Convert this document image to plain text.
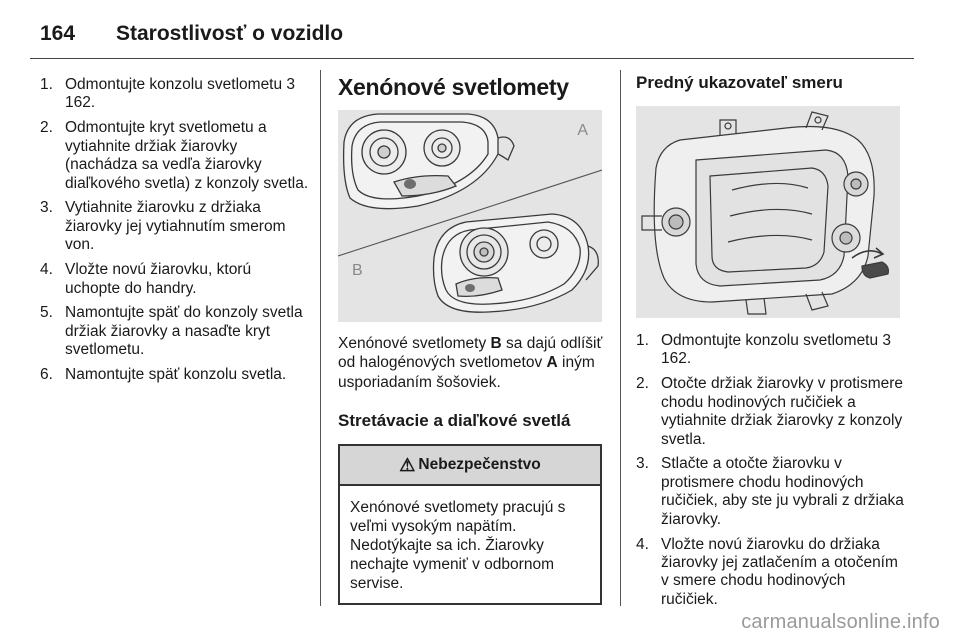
164	Starostlivosť o vozidlo
1. Odmontujte konzolu svetlometu 3 162.
2. Odmontujte kryt svetlometu a vytiahnite držiak žiarovky (nachádza sa vedľa žiarovky diaľkového svetla) z konzoly svetla.
3. Vytiahnite žiarovku z držiaka žiarovky jej vytiahnutím smerom von.
4. Vložte novú žiarovku, ktorú uchopte do handry.
5. Namontujte späť do konzoly svetla držiak žiarovky a nasaďte kryt svetlometu.
6. Namontujte späť konzolu svetla.
Xenónové svetlomety
A
B

Xenónové svetlomety B sa dajú odlíšiť od halogénových svetlometov A iným usporiadaním šošoviek.

Stretávacie a diaľkové svetlá
⚠ Nebezpečenstvo
Xenónové svetlomety pracujú s veľmi vysokým napätím. Nedotýkajte sa ich. Žiarovky nechajte vymeniť v odbornom servise.
Predný ukazovateľ smeru
1. Odmontujte konzolu svetlometu 3 162.
2. Otočte držiak žiarovky v protismere chodu hodinových ručičiek a vytiahnite držiak žiarovky z konzoly svetla.
3. Stlačte a otočte žiarovku v protismere chodu hodinových ručičiek, aby ste ju vybrali z držiaka žiarovky.
4. Vložte novú žiarovku do držiaka žiarovky jej zatlačením a otočením v smere chodu hodinových ručičiek.
carmanualsonline.info
